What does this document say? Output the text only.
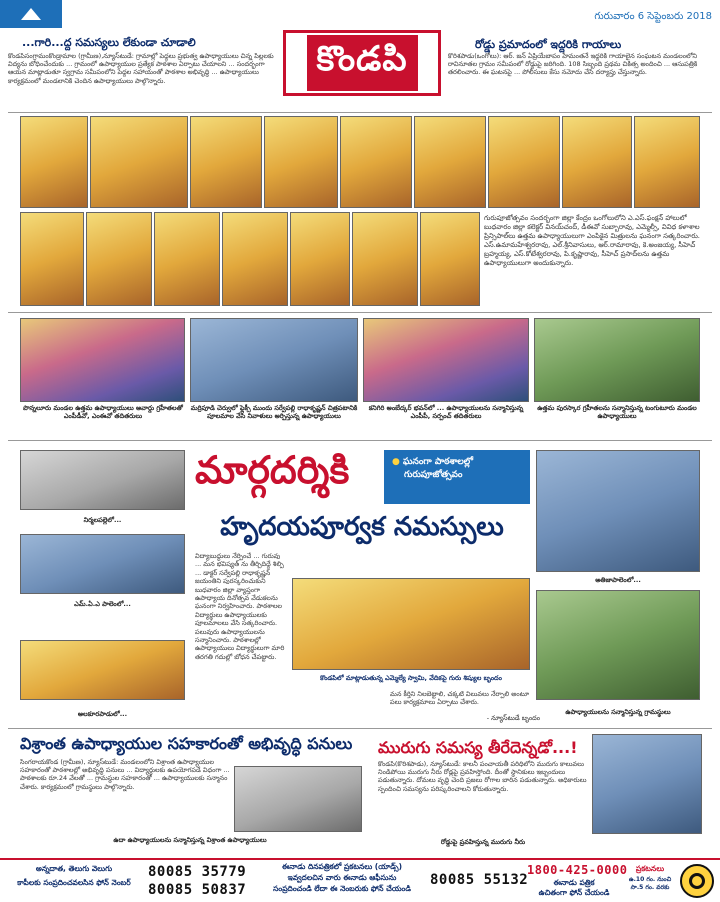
గురువారం 6 సెప్టెంబరు 2018
కొండపి
...గారి...ద్ద సమస్యలు లేకుండా చూడాలి
కొండపిసంగ్రామంకొండ్రామాల (గ్రామీణ),న్యూస్‌టుడే: గ్రామాల్లో పెద్దలు ప్రభుత్వ ఉపాధ్యాయులు చిన్న పిల్లలకు విద్యను బోధించేందుకు ... గ్రామంలో ఉపాధ్యాయుల ప్రత్యేక పాఠశాల ఏర్పాటు చేయాలని ... సందర్భంగా ఆయన మాట్లాడుతూ స్వగ్రామ సమీపంలోని పెద్దల సహాయంతో పాఠశాల అభివృద్ధి ... ఉపాధ్యాయులు కార్యక్రమంలో మండలానికి చెందిన ఉపాధ్యాయులు పాల్గొన్నారు.
రోడ్డు ప్రమాదంలో ఇద్దరికి గాయాలు
కొరిశపాడు(ఒంగోలు): ఆర్. జన్ ఏప్రియేబాపం హేమంతనే ఇద్దరికి గాయాలైన సంఘటన మండలంలోని రావినూతల గ్రామం సమీపంలో రోడ్డుపై జరిగింది. 108 సిబ్బంది ప్రథమ చికిత్స అందించి ... ఆసుపత్రికి తరలించారు. ఈ ఘటనపై ... పోలీసులు కేసు నమోదు చేసి దర్యాప్తు చేస్తున్నారు.
గురుపూజోత్సవం సందర్భంగా జిల్లా కేంద్రం ఒంగోలులోని ఎ.ఎస్.ఫంక్షన్ హాలులో బుధవారం జిల్లా కలెక్టర్ వినయ్‌చంద్, డీఈవో సుబ్బారావు, ఎమ్మెల్సీ, వివిధ కళాశాల ప్రిన్సిపాల్‌లు ఉత్తమ ఉపాధ్యాయులుగా ఎంపికైన మిత్రులను ఘనంగా సత్కరించారు. ఎస్.ఉమామహేశ్వరరావు, ఎల్.శ్రీనివాసులు, ఆర్.రామారావు, కె.అంజయ్య, సీహెచ్ బ్రహ్మయ్య, ఎస్.కోటేశ్వరరావు, పి.కృష్ణారావు, సీహెచ్ ప్రసాద్‌లను ఉత్తమ ఉపాధ్యాయులుగా అందుకున్నారు.
పొన్నలూరు మండల ఉత్తమ ఉపాధ్యాయులు అవార్డు గ్రహీతలతో ఎంపీడీవో, ఎంఈవో తదితరులు
మర్రిపూడి చెర్వులో ఫ్లెక్సీ ముందు సర్వేపల్లి రాధాకృష్ణన్ చిత్రపటానికి పూలమాల వేసి నివాళులు అర్పిస్తున్న ఉపాధ్యాయులు
కనిగిరి అంబేద్కర్ భవన్‌లో ... ఉపాధ్యాయులను సన్మానిస్తున్న ఎంపీపీ, సర్పంచ్ తదితరులు
ఉత్తమ పురస్కార గ్రహీతలను సన్మానిస్తున్న టంగుటూరు మండల ఉపాధ్యాయులు
నిర్మలపల్లెలో...
ఎమ్.ఏ.ఎ పాలెంలో...
అలకూరపాడులో...
మార్గదర్శికి	● ఘనంగా పాఠశాలల్లో
గురుపూజోత్సవం
హృదయపూర్వక నమస్సులు
విద్యాబుద్ధులు నేర్పించే ... గురువు ... మన భవిష్యత్ ను తీర్చిదిద్దే శిల్పి ... డాక్టర్ సర్వేపల్లి రాధాకృష్ణన్ జయంతిని పురస్కరించుకుని బుధవారం జిల్లా వ్యాప్తంగా ఉపాధ్యాయ దినోత్సవ వేడుకలను ఘనంగా నిర్వహించారు. పాఠశాలల విద్యార్థులు ఉపాధ్యాయులకు పూలమాలలు వేసి సత్కరించారు. పలువురు ఉపాధ్యాయులను సన్మానించారు. పాఠశాలల్లో ఉపాధ్యాయులు విద్యార్థులుగా మారి తరగతి గదుల్లో బోధన చేపట్టారు.
కొండపిలో మాట్లాడుతున్న ఎమ్మెల్యే స్వామి, వేదికపై గురు శిష్యుల బృందం
మన కీర్తిని నిలబెట్టాలి, చక్కటి విలువలు నేర్పాలి అంటూ పలు కార్యక్రమాలు ఏర్పాటు చేశారు.
- న్యూస్‌టుడే బృందం
అతిజాపాలెంలో...
ఉపాధ్యాయులను సన్మానిస్తున్న గ్రామస్థులు
విశ్రాంత ఉపాధ్యాయుల సహకారంతో అభివృద్ధి పనులు
సింగరాయకొండ (గ్రామీణ), న్యూస్‌టుడే: మండలంలోని విశ్రాంత ఉపాధ్యాయుల సహకారంతో పాఠశాలల్లో అభివృద్ధి పనులు ... విద్యార్థులకు ఉపయోగపడే విధంగా ... పాఠశాలకు రూ.24 వేలతో ... గ్రామస్థుల సహకారంతో ... ఉపాధ్యాయులకు సన్మానం చేశారు. కార్యక్రమంలో గ్రామస్థులు పాల్గొన్నారు.
ఉదా ఉపాధ్యాయులను సన్మానిస్తున్న విశ్రాంత ఉపాధ్యాయులు
మురుగు సమస్య తీరేదెన్నడో...!
కొండపి(కొరిశపాడు), న్యూస్‌టుడే: కాలనీ పంచాయతీ పరిధిలోని మురుగు కాలువలు నిండిపోయి మురుగు నీరు రోడ్లపై ప్రవహిస్తోంది. దీంతో స్థానికులు ఇబ్బందులు పడుతున్నారు. దోమలు వృద్ధి చెంది ప్రజలు రోగాల బారిన పడుతున్నారు. అధికారులు స్పందించి సమస్యను పరిష్కరించాలని కోరుతున్నారు.
రోడ్డుపై ప్రవహిస్తున్న మురుగు నీరు
అన్నదాత, తెలుగు వెలుగు
కాపీలకు సంప్రదించవలసిన ఫోన్ నెంబర్
80085 35779
80085 50837
ఈనాడు దినపత్రికలో ప్రకటనలు (యాడ్స్)
ఇవ్వదలచిన వారు ఈనాడు ఆఫీసును
సంప్రదించండి లేదా ఈ నెంబరుకు ఫోన్ చేయండి
80085 55132
1800-425-0000
ఈనాడు పత్రిక
ఉచితంగా ఫోన్ చేయండి
ప్రకటనలు
ఉ.10 గం. నుంచి సా.5 గం. వరకు
